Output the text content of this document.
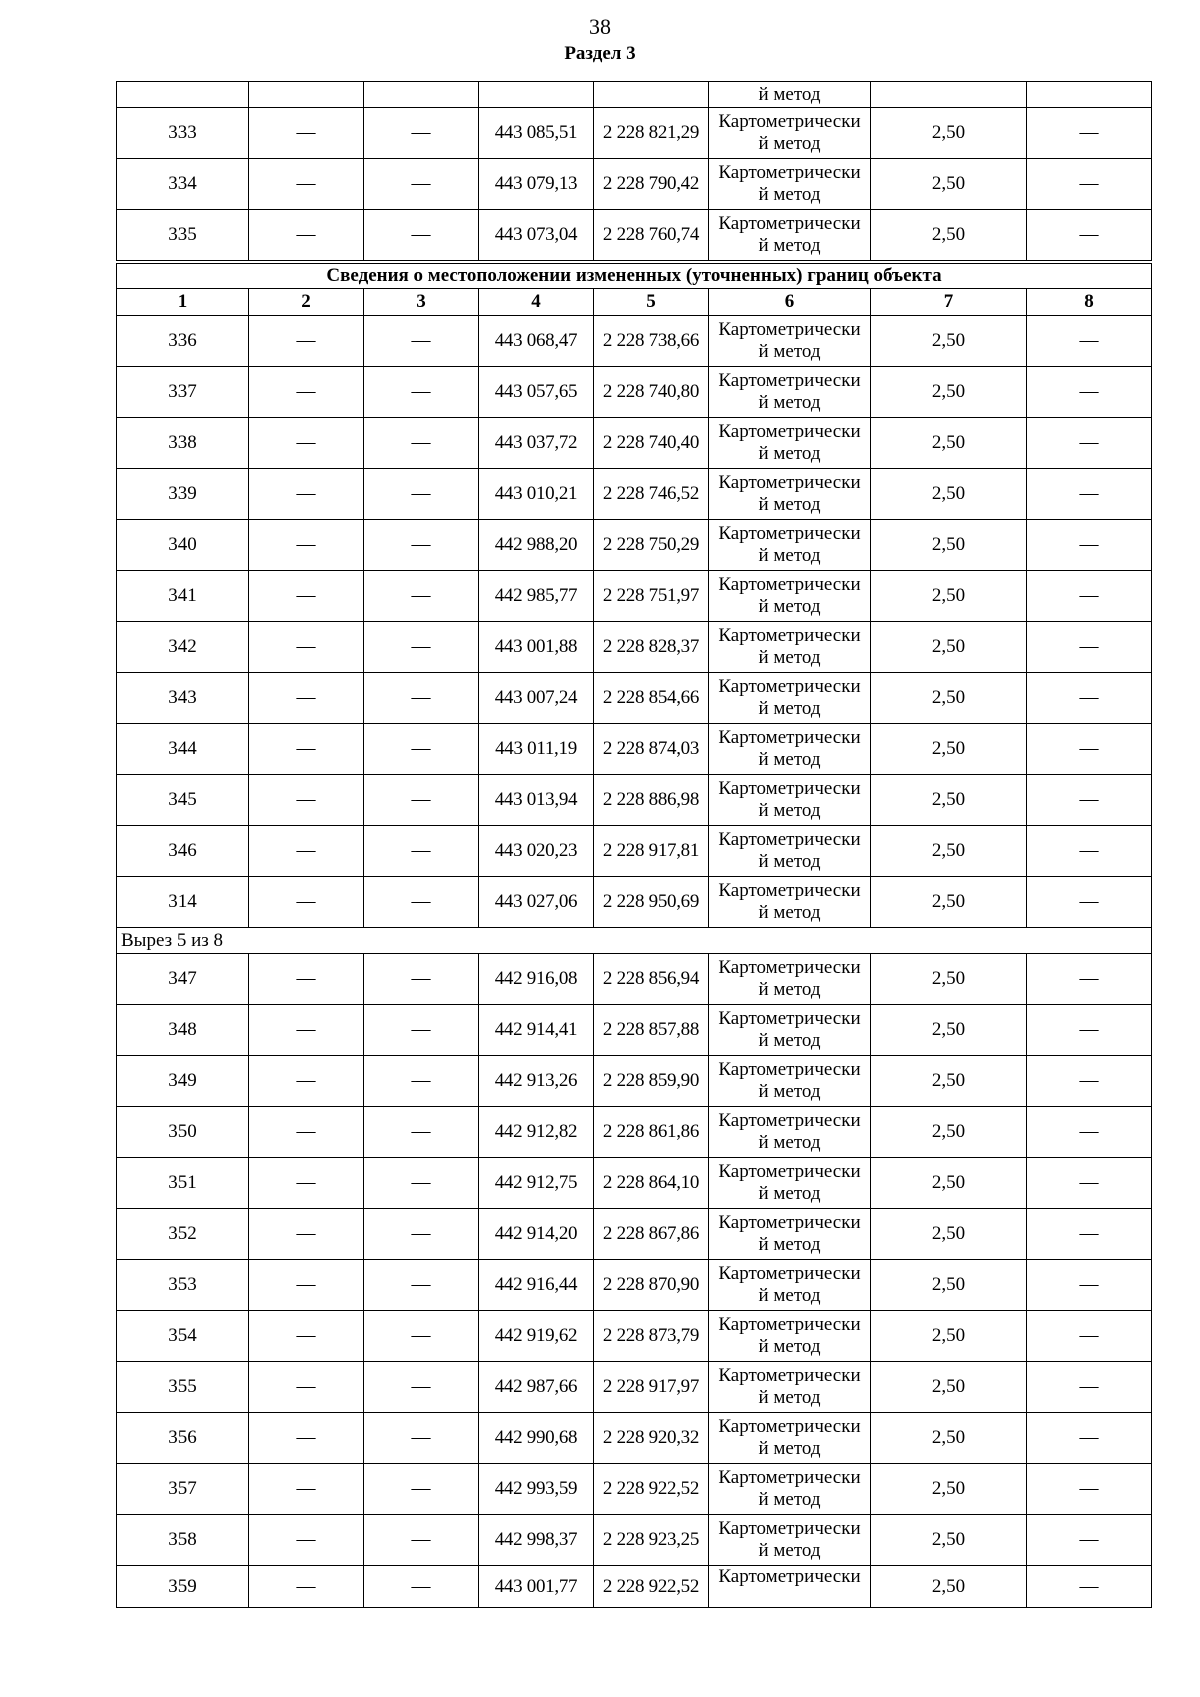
38
Раздел 3
					й метод		
333	—	—	443 085,51	2 228 821,29	Картометрически
й метод	2,50	—
334	—	—	443 079,13	2 228 790,42	Картометрически
й метод	2,50	—
335	—	—	443 073,04	2 228 760,74	Картометрически
й метод	2,50	—
Сведения о местоположении измененных (уточненных) границ объекта							
1	2	3	4	5	6	7	8
336	—	—	443 068,47	2 228 738,66	Картометрически
й метод	2,50	—
337	—	—	443 057,65	2 228 740,80	Картометрически
й метод	2,50	—
338	—	—	443 037,72	2 228 740,40	Картометрически
й метод	2,50	—
339	—	—	443 010,21	2 228 746,52	Картометрически
й метод	2,50	—
340	—	—	442 988,20	2 228 750,29	Картометрически
й метод	2,50	—
341	—	—	442 985,77	2 228 751,97	Картометрически
й метод	2,50	—
342	—	—	443 001,88	2 228 828,37	Картометрически
й метод	2,50	—
343	—	—	443 007,24	2 228 854,66	Картометрически
й метод	2,50	—
344	—	—	443 011,19	2 228 874,03	Картометрически
й метод	2,50	—
345	—	—	443 013,94	2 228 886,98	Картометрически
й метод	2,50	—
346	—	—	443 020,23	2 228 917,81	Картометрически
й метод	2,50	—
314	—	—	443 027,06	2 228 950,69	Картометрически
й метод	2,50	—
Вырез 5 из 8							
347	—	—	442 916,08	2 228 856,94	Картометрически
й метод	2,50	—
348	—	—	442 914,41	2 228 857,88	Картометрически
й метод	2,50	—
349	—	—	442 913,26	2 228 859,90	Картометрически
й метод	2,50	—
350	—	—	442 912,82	2 228 861,86	Картометрически
й метод	2,50	—
351	—	—	442 912,75	2 228 864,10	Картометрически
й метод	2,50	—
352	—	—	442 914,20	2 228 867,86	Картометрически
й метод	2,50	—
353	—	—	442 916,44	2 228 870,90	Картометрически
й метод	2,50	—
354	—	—	442 919,62	2 228 873,79	Картометрически
й метод	2,50	—
355	—	—	442 987,66	2 228 917,97	Картометрически
й метод	2,50	—
356	—	—	442 990,68	2 228 920,32	Картометрически
й метод	2,50	—
357	—	—	442 993,59	2 228 922,52	Картометрически
й метод	2,50	—
358	—	—	442 998,37	2 228 923,25	Картометрически
й метод	2,50	—
359	—	—	443 001,77	2 228 922,52	Картометрически	2,50	—
